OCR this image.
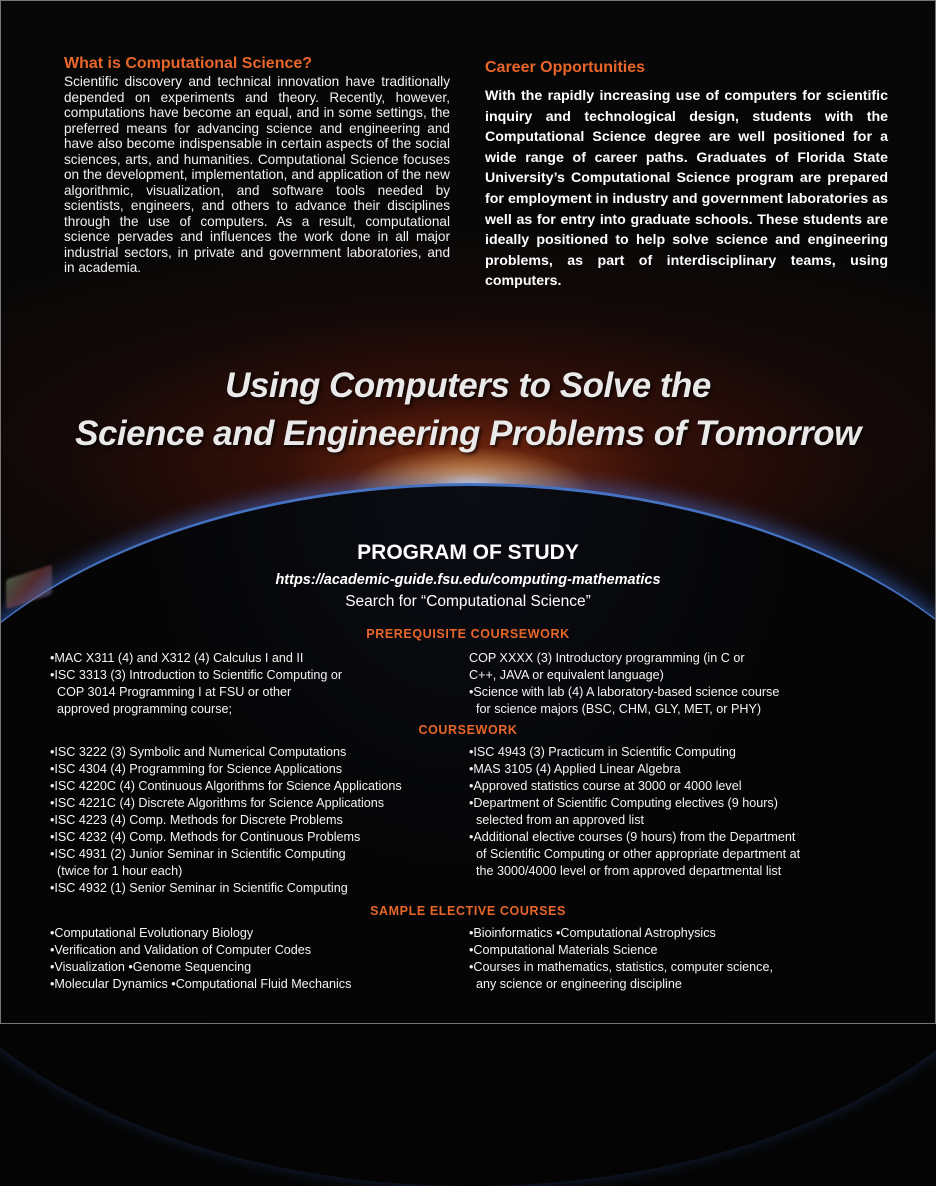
What is Computational Science?

Scientific discovery and technical innovation have traditionally depended on experiments and theory. Recently, however, computations have become an equal, and in some settings, the preferred means for advancing science and engineering and have also become indispensable in certain aspects of the social sciences, arts, and humanities. Computational Science focuses on the development, implementation, and application of the new algorithmic, visualization, and software tools needed by scientists, engineers, and others to advance their disciplines through the use of computers. As a result, computational science pervades and influences the work done in all major industrial sectors, in private and government laboratories, and in academia.

Career Opportunities

With the rapidly increasing use of computers for scientific inquiry and technological design, students with the Computational Science degree are well positioned for a wide range of career paths. Graduates of Florida State University’s Computational Science program are prepared for employment in industry and government laboratories as well as for entry into graduate schools. These students are ideally positioned to help solve science and engineering problems, as part of interdisciplinary teams, using computers.

Using Computers to Solve the
Science and Engineering Problems of Tomorrow
PROGRAM OF STUDY
https://academic-guide.fsu.edu/computing-mathematics
Search for “Computational Science”
PREREQUISITE COURSEWORK
•MAC X311 (4) and X312 (4) Calculus I and II
•ISC 3313 (3) Introduction to Scientific Computing or
COP 3014 Programming I at FSU or other
approved programming course;
COP XXXX (3) Introductory programming (in C or
C++, JAVA or equivalent language)
•Science with lab (4) A laboratory-based science course
for science majors (BSC, CHM, GLY, MET, or PHY)
COURSEWORK
•ISC 3222 (3) Symbolic and Numerical Computations
•ISC 4304 (4) Programming for Science Applications
•ISC 4220C (4) Continuous Algorithms for Science Applications
•ISC 4221C (4) Discrete Algorithms for Science Applications
•ISC 4223 (4) Comp. Methods for Discrete Problems
•ISC 4232 (4) Comp. Methods for Continuous Problems
•ISC 4931 (2) Junior Seminar in Scientific Computing
(twice for 1 hour each)
•ISC 4932 (1) Senior Seminar in Scientific Computing
•ISC 4943 (3) Practicum in Scientific Computing
•MAS 3105 (4) Applied Linear Algebra
•Approved statistics course at 3000 or 4000 level
•Department of Scientific Computing electives (9 hours)
selected from an approved list
•Additional elective courses (9 hours) from the Department
of Scientific Computing or other appropriate department at
the 3000/4000 level or from approved departmental list
SAMPLE ELECTIVE COURSES
•Computational Evolutionary Biology
•Verification and Validation of Computer Codes
•Visualization •Genome Sequencing
•Molecular Dynamics •Computational Fluid Mechanics
•Bioinformatics •Computational Astrophysics
•Computational Materials Science
•Courses in mathematics, statistics, computer science,
any science or engineering discipline
